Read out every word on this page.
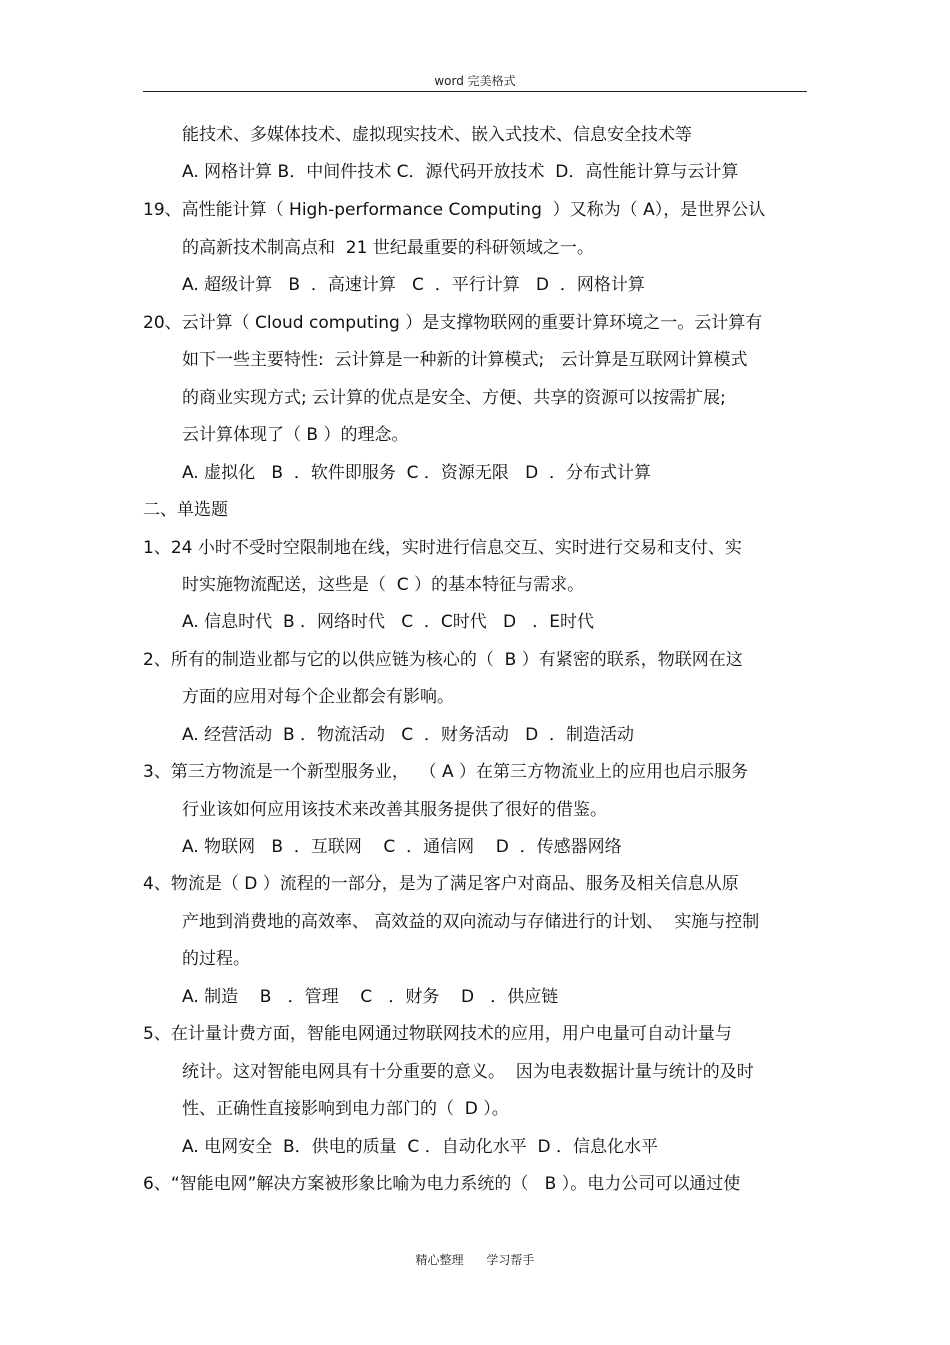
word 完美格式
能技术、多媒体技术、虚拟现实技术、嵌入式技术、信息安全技术等
A. 网格计算 B．中间件技术 C．源代码开放技术  D．高性能计算与云计算
19、高性能计算（ High-performance Computing  ）又称为（ A），是世界公认
的高新技术制高点和  21 世纪最重要的科研领域之一。
A. 超级计算   B  ．高速计算   C  ．平行计算   D  ．网格计算
20、云计算（ Cloud computing ）是支撑物联网的重要计算环境之一。云计算有
如下一些主要特性:  云计算是一种新的计算模式;   云计算是互联网计算模式
的商业实现方式; 云计算的优点是安全、方便、共享的资源可以按需扩展;
云计算体现了（ B ）的理念。
A. 虚拟化   B  ．软件即服务  C ．资源无限   D  ．分布式计算
二、单选题
1、24 小时不受时空限制地在线，实时进行信息交互、实时进行交易和支付、实
时实施物流配送，这些是（  C ）的基本特征与需求。
A. 信息时代  B ．网络时代   C  ．C时代   D   ．E时代
2、所有的制造业都与它的以供应链为核心的（  B ）有紧密的联系，物联网在这
方面的应用对每个企业都会有影响。
A. 经营活动  B ．物流活动   C  ．财务活动   D  ．制造活动
3、第三方物流是一个新型服务业，  （ A ）在第三方物流业上的应用也启示服务
行业该如何应用该技术来改善其服务提供了很好的借鉴。
A. 物联网   B  ．互联网    C  ．通信网    D  ．传感器网络
4、物流是（ D ）流程的一部分，是为了满足客户对商品、服务及相关信息从原
产地到消费地的高效率、 高效益的双向流动与存储进行的计划、  实施与控制
的过程。
A. 制造    B   ．管理    C   ．财务    D   ．供应链
5、在计量计费方面，智能电网通过物联网技术的应用，用户电量可自动计量与
统计。这对智能电网具有十分重要的意义。  因为电表数据计量与统计的及时
性、正确性直接影响到电力部门的（  D ）。
A. 电网安全  B．供电的质量  C ．自动化水平  D ．信息化水平
6、“智能电网”解决方案被形象比喻为电力系统的（   B ）。电力公司可以通过使
精心整理      学习帮手
